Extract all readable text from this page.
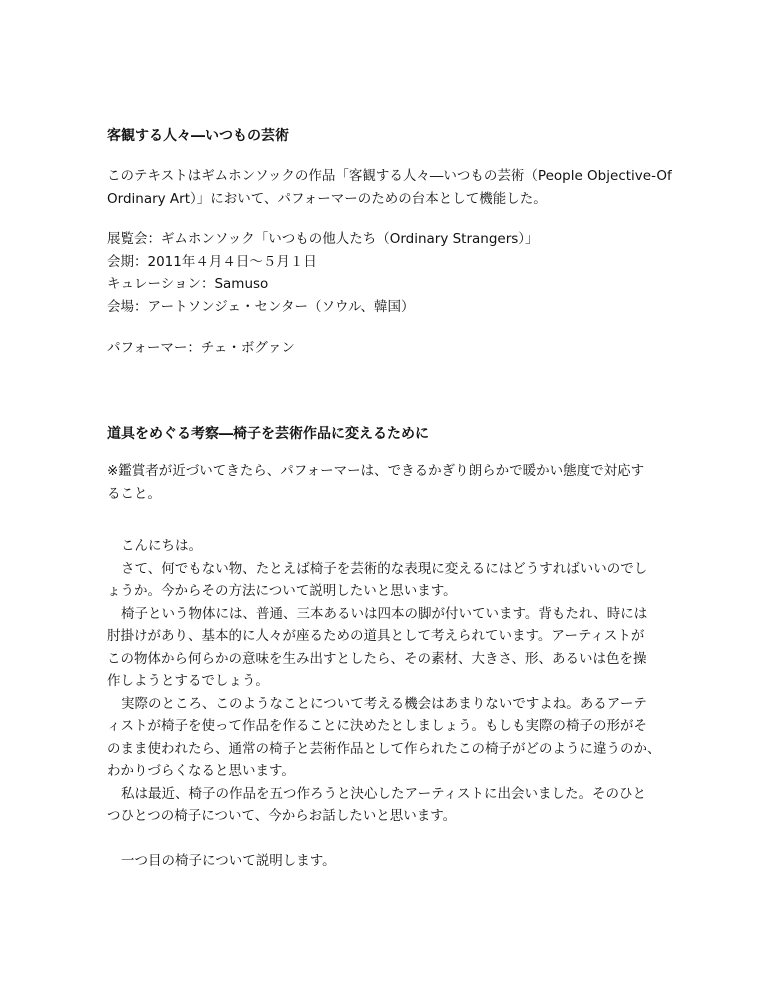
客観する人々―いつもの芸術

このテキストはギムホンソックの作品「客観する人々―いつもの芸術（People Objective-Of
Ordinary Art）」において、パフォーマーのための台本として機能した。

展覧会：ギムホンソック「いつもの他人たち（Ordinary Strangers）」
会期：2011年４月４日～５月１日
キュレーション：Samuso
会場：アートソンジェ・センター（ソウル、韓国）

パフォーマー：チェ・ボグァン

道具をめぐる考察―椅子を芸術作品に変えるために

※鑑賞者が近づいてきたら、パフォーマーは、できるかぎり朗らかで暖かい態度で対応す
ること。

こんにちは。
さて、何でもない物、たとえば椅子を芸術的な表現に変えるにはどうすればいいのでし
ょうか。今からその方法について説明したいと思います。
椅子という物体には、普通、三本あるいは四本の脚が付いています。背もたれ、時には
肘掛けがあり、基本的に人々が座るための道具として考えられています。アーティストが
この物体から何らかの意味を生み出すとしたら、その素材、大きさ、形、あるいは色を操
作しようとするでしょう。
実際のところ、このようなことについて考える機会はあまりないですよね。あるアーテ
ィストが椅子を使って作品を作ることに決めたとしましょう。もしも実際の椅子の形がそ
のまま使われたら、通常の椅子と芸術作品として作られたこの椅子がどのように違うのか、
わかりづらくなると思います。
私は最近、椅子の作品を五つ作ろうと決心したアーティストに出会いました。そのひと
つひとつの椅子について、今からお話したいと思います。

一つ目の椅子について説明します。
